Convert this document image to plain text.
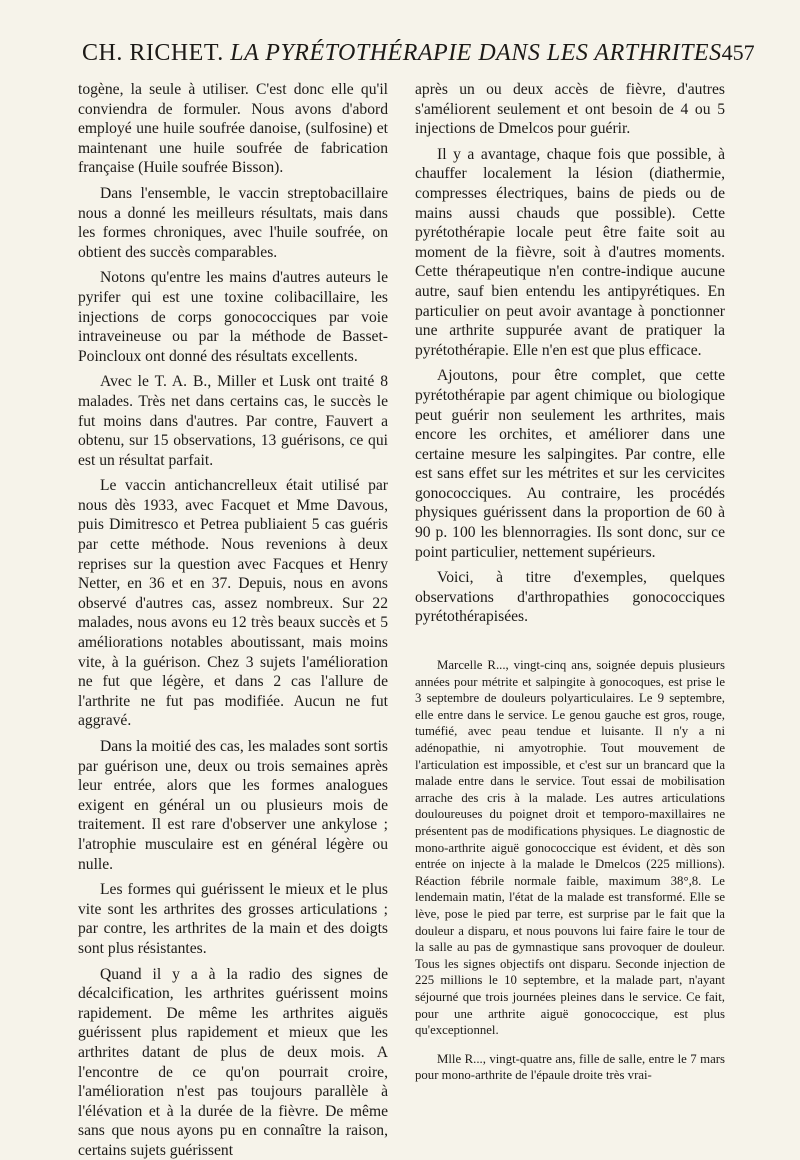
CH. RICHET. LA PYRÉTOTHÉRAPIE DANS LES ARTHRITES 457

togène, la seule à utiliser. C'est donc elle qu'il conviendra de formuler. Nous avons d'abord employé une huile soufrée danoise, (sulfosine) et maintenant une huile soufrée de fabrication française (Huile soufrée Bisson).

Dans l'ensemble, le vaccin streptobacillaire nous a donné les meilleurs résultats, mais dans les formes chroniques, avec l'huile soufrée, on obtient des succès comparables.

Notons qu'entre les mains d'autres auteurs le pyrifer qui est une toxine colibacillaire, les injections de corps gonococciques par voie intraveineuse ou par la méthode de Basset-Poincloux ont donné des résultats excellents.

Avec le T. A. B., Miller et Lusk ont traité 8 malades. Très net dans certains cas, le succès le fut moins dans d'autres. Par contre, Fauvert a obtenu, sur 15 observations, 13 guérisons, ce qui est un résultat parfait.

Le vaccin antichancrelleux était utilisé par nous dès 1933, avec Facquet et Mme Davous, puis Dimitresco et Petrea publiaient 5 cas guéris par cette méthode. Nous revenions à deux reprises sur la question avec Facques et Henry Netter, en 36 et en 37. Depuis, nous en avons observé d'autres cas, assez nombreux. Sur 22 malades, nous avons eu 12 très beaux succès et 5 améliorations notables aboutissant, mais moins vite, à la guérison. Chez 3 sujets l'amélioration ne fut que légère, et dans 2 cas l'allure de l'arthrite ne fut pas modifiée. Aucun ne fut aggravé.

Dans la moitié des cas, les malades sont sortis par guérison une, deux ou trois semaines après leur entrée, alors que les formes analogues exigent en général un ou plusieurs mois de traitement. Il est rare d'observer une ankylose ; l'atrophie musculaire est en général légère ou nulle.

Les formes qui guérissent le mieux et le plus vite sont les arthrites des grosses articulations ; par contre, les arthrites de la main et des doigts sont plus résistantes.

Quand il y a à la radio des signes de décalcification, les arthrites guérissent moins rapidement. De même les arthrites aiguës guérissent plus rapidement et mieux que les arthrites datant de plus de deux mois. A l'encontre de ce qu'on pourrait croire, l'amélioration n'est pas toujours parallèle à l'élévation et à la durée de la fièvre. De même sans que nous ayons pu en connaître la raison, certains sujets guérissent

après un ou deux accès de fièvre, d'autres s'améliorent seulement et ont besoin de 4 ou 5 injections de Dmelcos pour guérir.

Il y a avantage, chaque fois que possible, à chauffer localement la lésion (diathermie, compresses électriques, bains de pieds ou de mains aussi chauds que possible). Cette pyrétothérapie locale peut être faite soit au moment de la fièvre, soit à d'autres moments. Cette thérapeutique n'en contre-indique aucune autre, sauf bien entendu les antipyrétiques. En particulier on peut avoir avantage à ponctionner une arthrite suppurée avant de pratiquer la pyrétothérapie. Elle n'en est que plus efficace.

Ajoutons, pour être complet, que cette pyrétothérapie par agent chimique ou biologique peut guérir non seulement les arthrites, mais encore les orchites, et améliorer dans une certaine mesure les salpingites. Par contre, elle est sans effet sur les métrites et sur les cervicites gonococciques. Au contraire, les procédés physiques guérissent dans la proportion de 60 à 90 p. 100 les blennorragies. Ils sont donc, sur ce point particulier, nettement supérieurs.

Voici, à titre d'exemples, quelques observations d'arthropathies gonococciques pyrétothérapisées.

Marcelle R..., vingt-cinq ans, soignée depuis plusieurs années pour métrite et salpingite à gonocoques, est prise le 3 septembre de douleurs polyarticulaires. Le 9 septembre, elle entre dans le service. Le genou gauche est gros, rouge, tuméfié, avec peau tendue et luisante. Il n'y a ni adénopathie, ni amyotrophie. Tout mouvement de l'articulation est impossible, et c'est sur un brancard que la malade entre dans le service. Tout essai de mobilisation arrache des cris à la malade. Les autres articulations douloureuses du poignet droit et temporo-maxillaires ne présentent pas de modifications physiques. Le diagnostic de mono-arthrite aiguë gonococcique est évident, et dès son entrée on injecte à la malade le Dmelcos (225 millions). Réaction fébrile normale faible, maximum 38°,8. Le lendemain matin, l'état de la malade est transformé. Elle se lève, pose le pied par terre, est surprise par le fait que la douleur a disparu, et nous pouvons lui faire faire le tour de la salle au pas de gymnastique sans provoquer de douleur. Tous les signes objectifs ont disparu. Seconde injection de 225 millions le 10 septembre, et la malade part, n'ayant séjourné que trois journées pleines dans le service. Ce fait, pour une arthrite aiguë gonococcique, est plus qu'exceptionnel.

Mlle R..., vingt-quatre ans, fille de salle, entre le 7 mars pour mono-arthrite de l'épaule droite très vrai-
